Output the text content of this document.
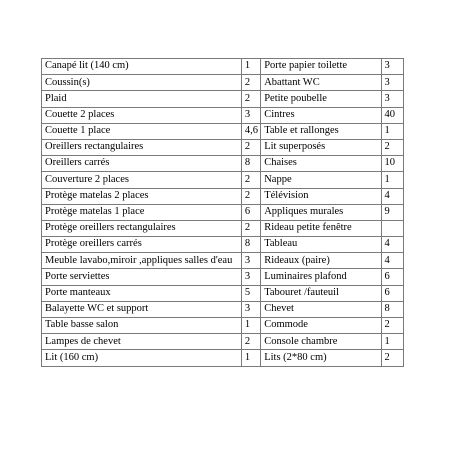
Canapé lit (140 cm)	1	Porte papier toilette	3
Coussin(s)	2	Abattant WC	3
Plaid	2	Petite poubelle	3
Couette 2 places	3	Cintres	40
Couette 1 place	4,6	Table et rallonges	1
Oreillers rectangulaires	2	Lit superposés	2
Oreillers carrés	8	Chaises	10
Couverture 2 places	2	Nappe	1
Protège matelas 2 places	2	Télévision	4
Protège matelas 1 place	6	Appliques murales	9
Protège oreillers rectangulaires	2	Rideau petite fenêtre	
Protège oreillers carrés	8	Tableau	4
Meuble lavabo,miroir ,appliques salles d'eau	3	Rideaux (paire)	4
Porte serviettes	3	Luminaires plafond	6
Porte manteaux	5	Tabouret /fauteuil	6
Balayette WC et support	3	Chevet	8
Table basse salon	1	Commode	2
Lampes de chevet	2	Console chambre	1
Lit (160 cm)	1	Lits (2*80 cm)	2
